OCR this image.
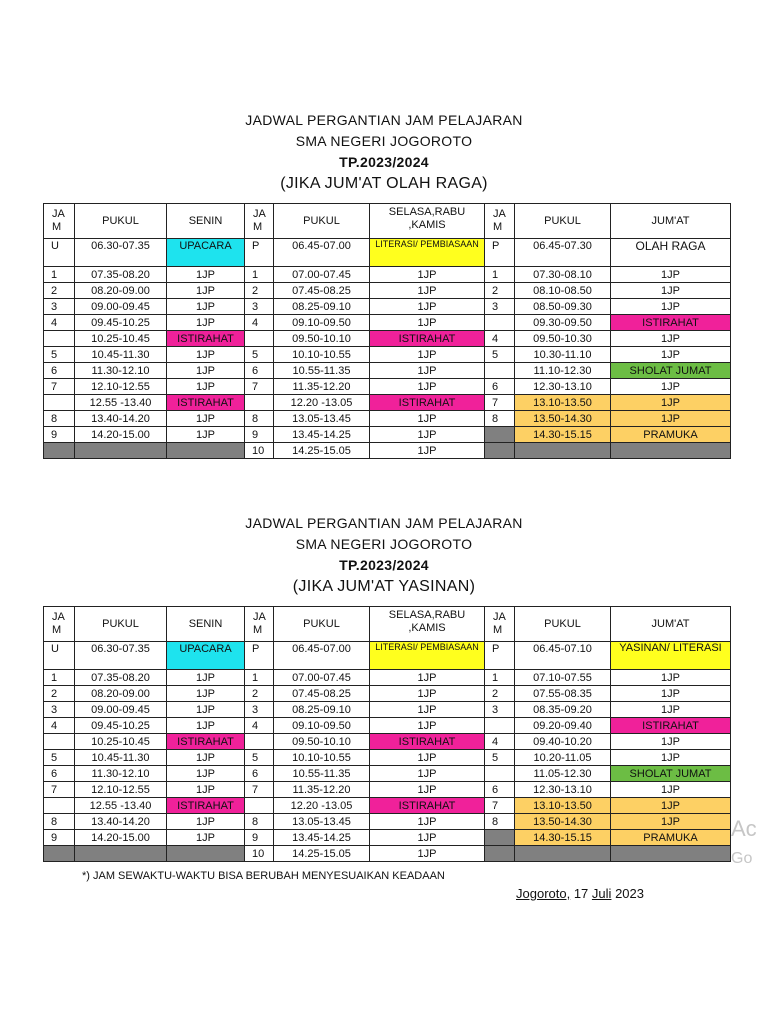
JADWAL PERGANTIAN JAM PELAJARAN
SMA NEGERI JOGOROTO
TP.2023/2024
(JIKA JUM'AT OLAH RAGA)
JAM	PUKUL	SENIN	JAM	PUKUL	SELASA,RABU ,KAMIS	JAM	PUKUL	JUM'AT
U	06.30-07.35	UPACARA	P	06.45-07.00	LITERASI/ PEMBIASAAN	P	06.45-07.30	OLAH RAGA
1	07.35-08.20	1JP	1	07.00-07.45	1JP	1	07.30-08.10	1JP
2	08.20-09.00	1JP	2	07.45-08.25	1JP	2	08.10-08.50	1JP
3	09.00-09.45	1JP	3	08.25-09.10	1JP	3	08.50-09.30	1JP
4	09.45-10.25	1JP	4	09.10-09.50	1JP		09.30-09.50	ISTIRAHAT
	10.25-10.45	ISTIRAHAT		09.50-10.10	ISTIRAHAT	4	09.50-10.30	1JP
5	10.45-11.30	1JP	5	10.10-10.55	1JP	5	10.30-11.10	1JP
6	11.30-12.10	1JP	6	10.55-11.35	1JP		11.10-12.30	SHOLAT JUMAT
7	12.10-12.55	1JP	7	11.35-12.20	1JP	6	12.30-13.10	1JP
	12.55 -13.40	ISTIRAHAT		12.20 -13.05	ISTIRAHAT	7	13.10-13.50	1JP
8	13.40-14.20	1JP	8	13.05-13.45	1JP	8	13.50-14.30	1JP
9	14.20-15.00	1JP	9	13.45-14.25	1JP		14.30-15.15	PRAMUKA
			10	14.25-15.05	1JP			
JADWAL PERGANTIAN JAM PELAJARAN
SMA NEGERI JOGOROTO
TP.2023/2024
(JIKA JUM'AT YASINAN)
JAM	PUKUL	SENIN	JAM	PUKUL	SELASA,RABU ,KAMIS	JAM	PUKUL	JUM'AT
U	06.30-07.35	UPACARA	P	06.45-07.00	LITERASI/ PEMBIASAAN	P	06.45-07.10	YASINAN/ LITERASI
1	07.35-08.20	1JP	1	07.00-07.45	1JP	1	07.10-07.55	1JP
2	08.20-09.00	1JP	2	07.45-08.25	1JP	2	07.55-08.35	1JP
3	09.00-09.45	1JP	3	08.25-09.10	1JP	3	08.35-09.20	1JP
4	09.45-10.25	1JP	4	09.10-09.50	1JP		09.20-09.40	ISTIRAHAT
	10.25-10.45	ISTIRAHAT		09.50-10.10	ISTIRAHAT	4	09.40-10.20	1JP
5	10.45-11.30	1JP	5	10.10-10.55	1JP	5	10.20-11.05	1JP
6	11.30-12.10	1JP	6	10.55-11.35	1JP		11.05-12.30	SHOLAT JUMAT
7	12.10-12.55	1JP	7	11.35-12.20	1JP	6	12.30-13.10	1JP
	12.55 -13.40	ISTIRAHAT		12.20 -13.05	ISTIRAHAT	7	13.10-13.50	1JP
8	13.40-14.20	1JP	8	13.05-13.45	1JP	8	13.50-14.30	1JP
9	14.20-15.00	1JP	9	13.45-14.25	1JP		14.30-15.15	PRAMUKA
			10	14.25-15.05	1JP			
*) JAM SEWAKTU-WAKTU BISA BERUBAH MENYESUAIKAN KEADAAN
Jogoroto, 17 Juli 2023
Ac
Go
